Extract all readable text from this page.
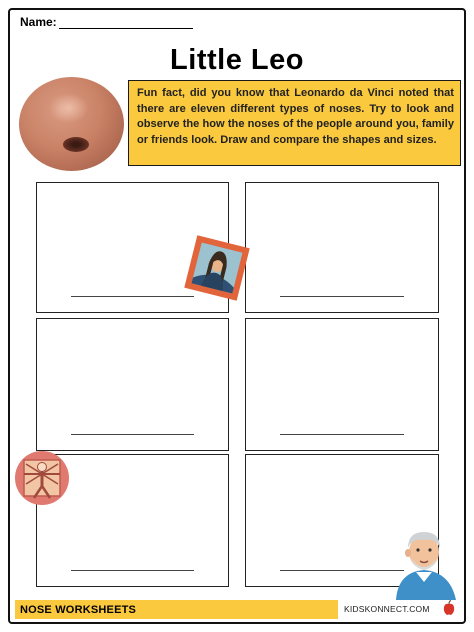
Name:
Little Leo
Fun fact, did you know that Leonardo da Vinci noted that there are eleven different types of noses. Try to look and observe the how the noses of the people around you, family or friends look. Draw and compare the shapes and sizes.
NOSE WORKSHEETS	KIDSKONNECT.COM
